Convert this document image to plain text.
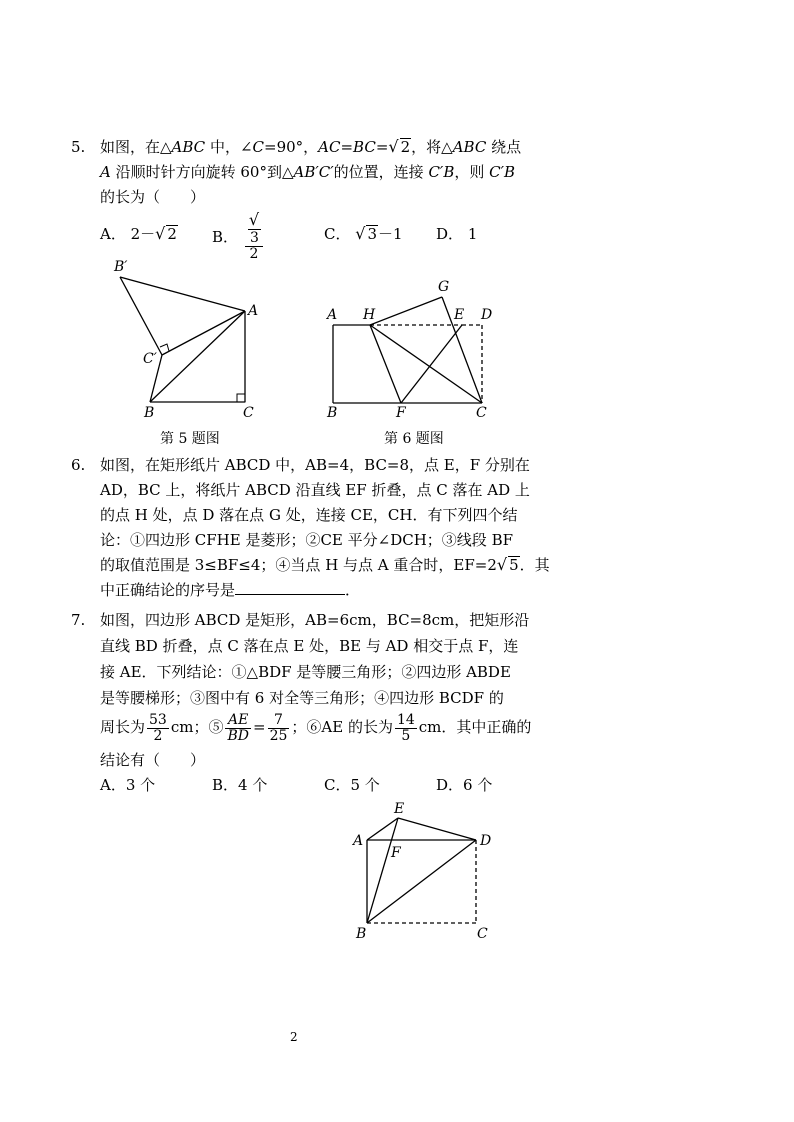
5. 如图，在△ABC 中，∠C=90°，AC=BC=√ 2，将△ABC 绕点
A 沿顺时针方向旋转 60°到△AB′C′的位置，连接 C′B，则 C′B
的长为（　　）
A． 2－√ 2 B． √
3
2	C． √ 3－1 D． 1
B′
A
C′
B	C
第 5 题图
G
A H	E D
B	F	C
第 6 题图
6. 如图，在矩形纸片 ABCD 中，AB=4，BC=8，点 E，F 分别在
AD，BC 上，将纸片 ABCD 沿直线 EF 折叠，点 C 落在 AD 上
的点 H 处，点 D 落在点 G 处，连接 CE，CH．有下列四个结
论：①四边形 CFHE 是菱形；②CE 平分∠DCH；③线段 BF
的取值范围是 3≤BF≤4；④当点 H 与点 A 重合时，EF=2√ 5．其
中正确结论的序号是	．
7. 如图，四边形 ABCD 是矩形，AB=6cm，BC=8cm，把矩形沿
直线 BD 折叠，点 C 落在点 E 处，BE 与 AD 相交于点 F，连
接 AE．下列结论：①△BDF 是等腰三角形；②四边形 ABDE
是等腰梯形；③图中有 6 对全等三角形；④四边形 BCDF 的
周长为 $\frac{53}{2}$ cm；⑤ $\frac{AE}{BD} = \frac{7}{25}$ ；⑥AE 的长为 $\frac{14}{5}$ cm．其中正确的
结论有（　　）
A．3 个	B．4 个	C．5 个	D．6 个
E
A	D
F
B	C
2
